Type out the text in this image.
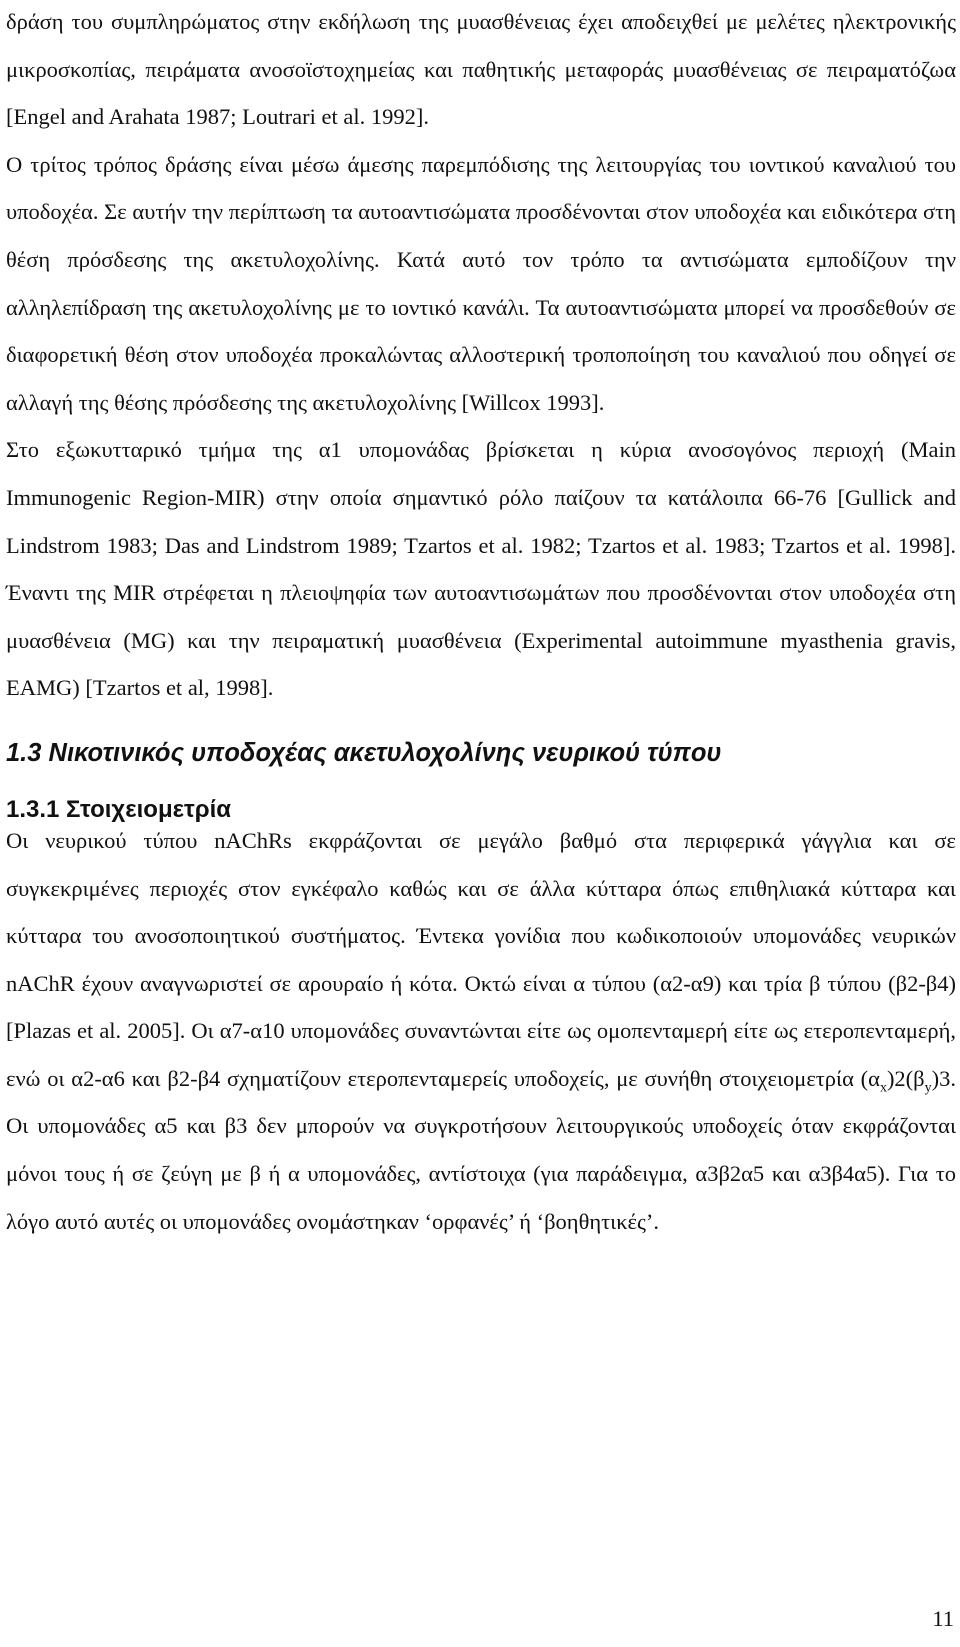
δράση του συμπληρώματος στην εκδήλωση της μυασθένειας έχει αποδειχθεί με μελέτες ηλεκτρονικής μικροσκοπίας, πειράματα ανοσοϊστοχημείας και παθητικής μεταφοράς μυασθένειας σε πειραματόζωα [Engel and Arahata 1987; Loutrari et al. 1992].

Ο τρίτος τρόπος δράσης είναι μέσω άμεσης παρεμπόδισης της λειτουργίας του ιοντικού καναλιού του υποδοχέα. Σε αυτήν την περίπτωση τα αυτοαντισώματα προσδένονται στον υποδοχέα και ειδικότερα στη θέση πρόσδεσης της ακετυλοχολίνης. Κατά αυτό τον τρόπο τα αντισώματα εμποδίζουν την αλληλεπίδραση της ακετυλοχολίνης με το ιοντικό κανάλι. Τα αυτοαντισώματα μπορεί να προσδεθούν σε διαφορετική θέση στον υποδοχέα προκαλώντας αλλοστερική τροποποίηση του καναλιού που οδηγεί σε αλλαγή της θέσης πρόσδεσης της ακετυλοχολίνης [Willcox 1993].

Στο εξωκυτταρικό τμήμα της α1 υπομονάδας βρίσκεται η κύρια ανοσογόνος περιοχή (Main Immunogenic Region-MIR) στην οποία σημαντικό ρόλο παίζουν τα κατάλοιπα 66-76 [Gullick and Lindstrom 1983; Das and Lindstrom 1989; Tzartos et al. 1982; Tzartos et al. 1983; Tzartos et al. 1998]. Έναντι της MIR στρέφεται η πλειοψηφία των αυτοαντισωμάτων που προσδένονται στον υποδοχέα στη μυασθένεια (MG) και την πειραματική μυασθένεια (Experimental autoimmune myasthenia gravis, EAMG) [Tzartos et al, 1998].

1.3 Νικοτινικός υποδοχέας ακετυλοχολίνης νευρικού τύπου
1.3.1 Στοιχειομετρία

Οι νευρικού τύπου nAChRs εκφράζονται σε μεγάλο βαθμό στα περιφερικά γάγγλια και σε συγκεκριμένες περιοχές στον εγκέφαλο καθώς και σε άλλα κύτταρα όπως επιθηλιακά κύτταρα και κύτταρα του ανοσοποιητικού συστήματος. Έντεκα γονίδια που κωδικοποιούν υπομονάδες νευρικών nAChR έχουν αναγνωριστεί σε αρουραίο ή κότα. Οκτώ είναι α τύπου (α2-α9) και τρία β τύπου (β2-β4) [Plazas et al. 2005]. Οι α7-α10 υπομονάδες συναντώνται είτε ως ομοπενταμερή είτε ως ετεροπενταμερή, ενώ οι α2-α6 και β2-β4 σχηματίζουν ετεροπενταμερείς υποδοχείς, με συνήθη στοιχειομετρία $(\alpha_x)2(\beta_y)3$. Οι υπομονάδες α5 και β3 δεν μπορούν να συγκροτήσουν λειτουργικούς υποδοχείς όταν εκφράζονται μόνοι τους ή σε ζεύγη με β ή α υπομονάδες, αντίστοιχα (για παράδειγμα, α3β2α5 και α3β4α5). Για το λόγο αυτό αυτές οι υπομονάδες ονομάστηκαν ‘ορφανές’ ή ‘βοηθητικές’.

11
